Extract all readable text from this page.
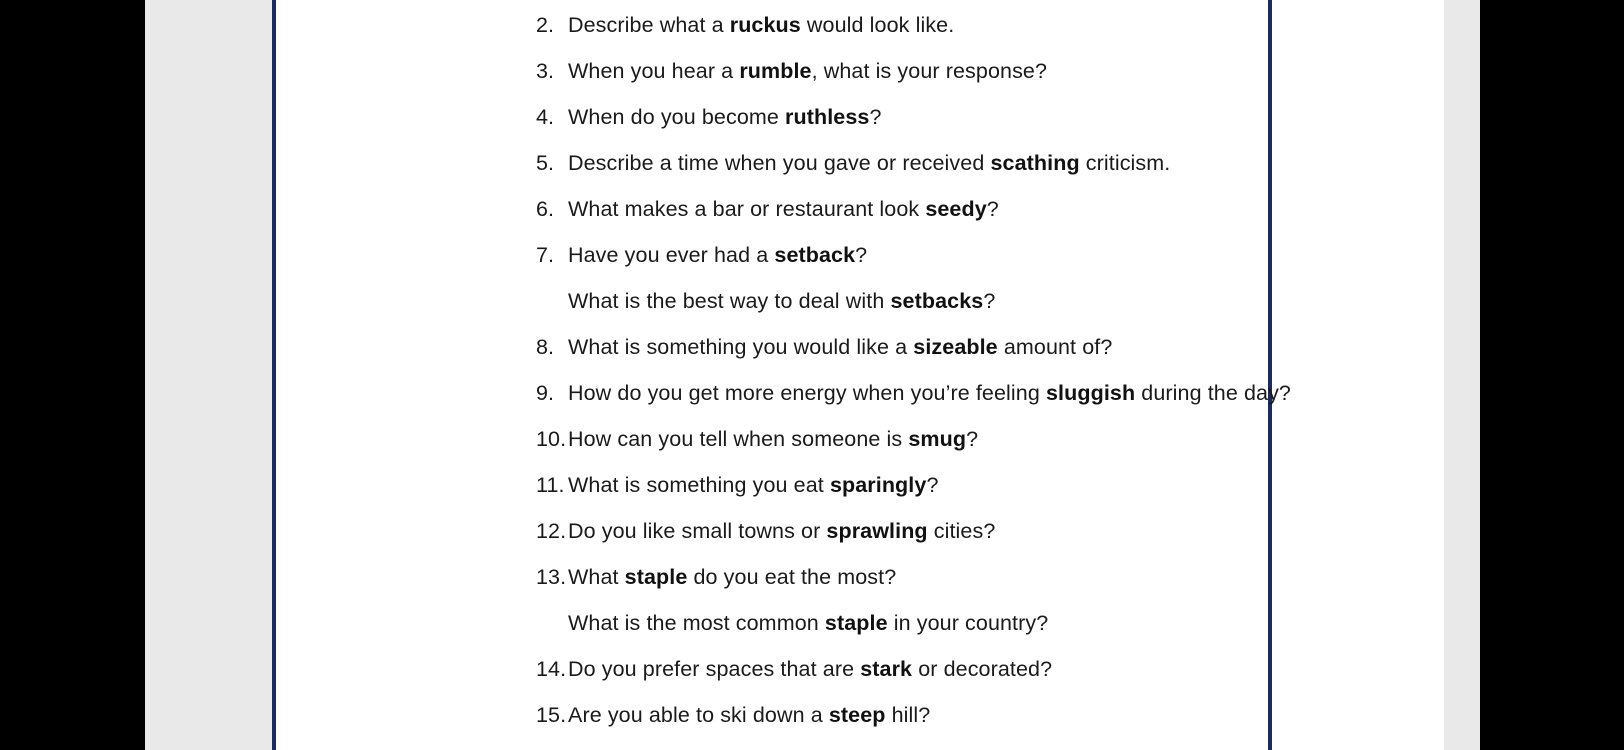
2. Describe what a ruckus would look like.
3. When you hear a rumble, what is your response?
4. When do you become ruthless?
5. Describe a time when you gave or received scathing criticism.
6. What makes a bar or restaurant look seedy?
7. Have you ever had a setback?
What is the best way to deal with setbacks?
8. What is something you would like a sizeable amount of?
9. How do you get more energy when you’re feeling sluggish during the day?
10.How can you tell when someone is smug?
11. What is something you eat sparingly?
12.Do you like small towns or sprawling cities?
13.What staple do you eat the most?
What is the most common staple in your country?
14.Do you prefer spaces that are stark or decorated?
15.Are you able to ski down a steep hill?
